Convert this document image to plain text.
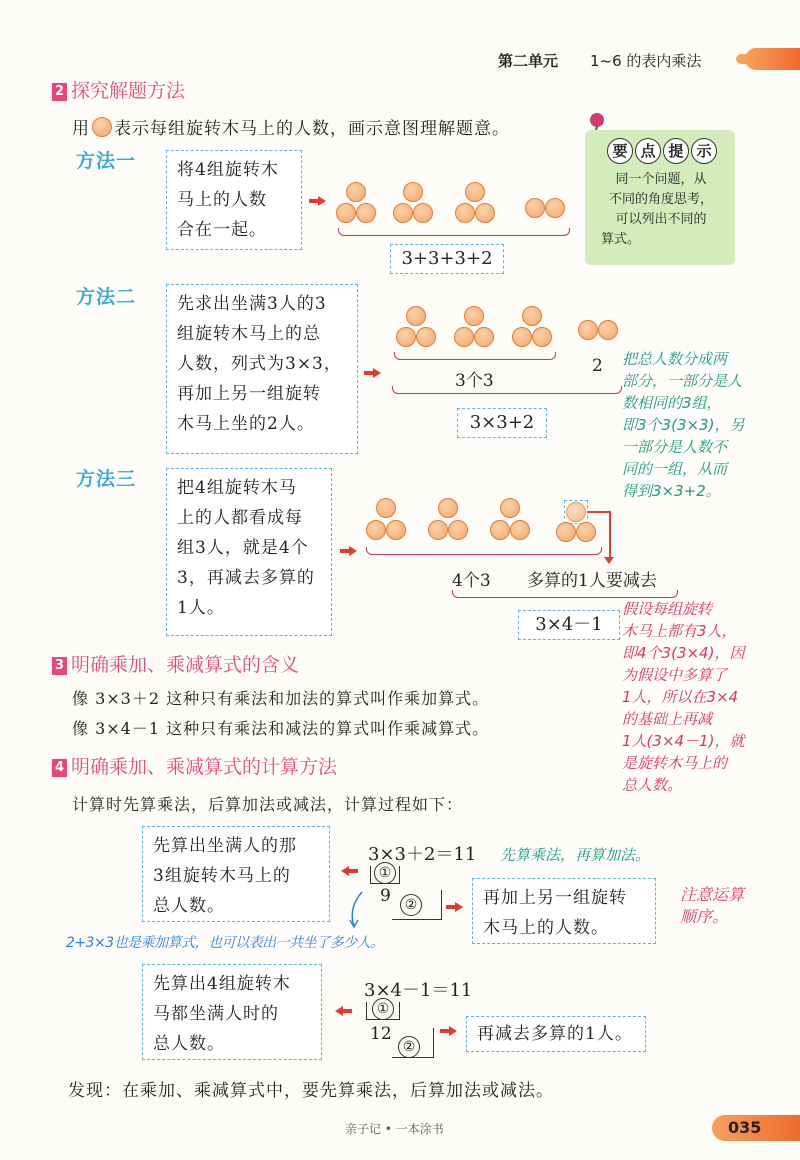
第二单元 1~6 的表内乘法
2 探究解题方法
用 表示每组旋转木马上的人数，画示意图理解题意。
要 点 提 示
同一个问题，从
不同的角度思考，
可以列出不同的
算式。
方法一 将4组旋转木
马上的人数
合在一起。
3+3+3+2
方法二 先求出坐满3人的3
组旋转木马上的总
人数，列式为3×3，
再加上另一组旋转
木马上坐的2人。
3个3
2
3×3+2
把总人数分成两
部分，一部分是人
数相同的3组，
即3个3(3×3)，另
一部分是人数不
同的一组，从而
得到3×3+2。
方法三 把4组旋转木马
上的人都看成每
组3人，就是4个
3，再减去多算的
1人。
4个3 多算的1人要减去
3×4－1
假设每组旋转
木马上都有3人，
即4个3(3×4)，因
为假设中多算了
1人，所以在3×4
的基础上再减
1人(3×4－1)，就
是旋转木马上的
总人数。
3 明确乘加、乘减算式的含义
像 3×3＋2 这种只有乘法和加法的算式叫作乘加算式。
像 3×4－1 这种只有乘法和减法的算式叫作乘减算式。
4 明确乘加、乘减算式的计算方法
计算时先算乘法，后算加法或减法，计算过程如下：
先算出坐满人的那
3组旋转木马上的
总人数。
3×3＋2＝11 先算乘法，再算加法。
①
9 ②	再加上另一组旋转
木马上的人数。
注意运算
顺序。
2+3×3也是乘加算式，也可以表出一共坐了多少人。
先算出4组旋转木
马都坐满人时的
总人数。
3×4－1＝11
①
12
②
再减去多算的1人。
发现：在乘加、乘减算式中，要先算乘法，后算加法或减法。
亲子记 • 一本涂书	035
